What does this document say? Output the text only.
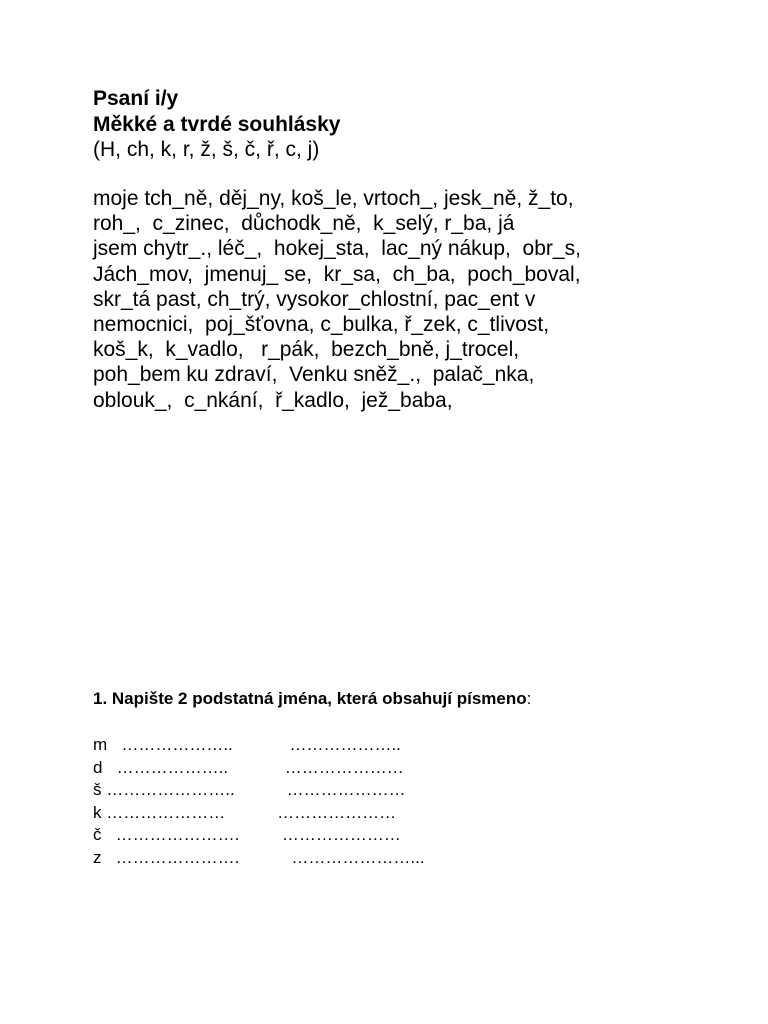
Psaní i/y
Měkké a tvrdé souhlásky
(H, ch, k, r, ž, š, č, ř, c, j)
moje tch_ně, děj_ny, koš_le, vrtoch_, jesk_ně, ž_to,
roh_,  c_zinec,  důchodk_ně,  k_selý, r_ba, já
jsem chytr_., léč_,  hokej_sta,  lac_ný nákup,  obr_s,
Jách_mov,  jmenuj_ se,  kr_sa,  ch_ba,  poch_boval,
skr_tá past, ch_trý, vysokor_chlostní, pac_ent v
nemocnici,  poj_šťovna, c_bulka, ř_zek, c_tlivost,
koš_k,  k_vadlo,   r_pák,  bezch_bně, j_trocel,
poh_bem ku zdraví,  Venku sněž_.,  palač_nka,
oblouk_,  c_nkání,  ř_kadlo,  jež_baba,
1. Napište 2 podstatná jména, která obsahují písmeno:
m   ………………..            ………………..
d   ………………..            …………………
š …………………..           …………………
k …………………           …………………
č   ………………….         …………………
z   ………………….           …………………...
